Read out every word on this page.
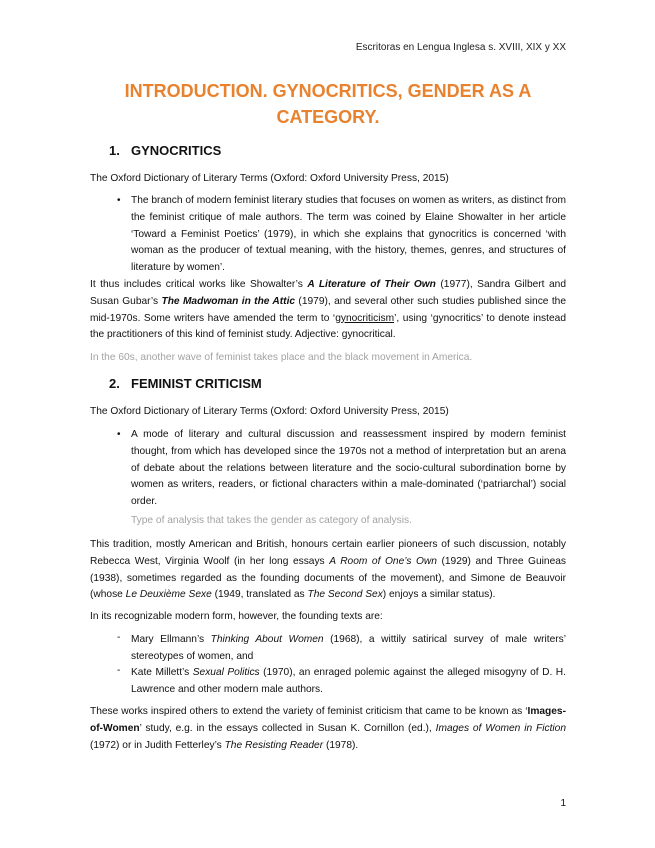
Escritoras en Lengua Inglesa s. XVIII, XIX y XX
INTRODUCTION. GYNOCRITICS, GENDER AS A CATEGORY.
1. GYNOCRITICS
The Oxford Dictionary of Literary Terms (Oxford: Oxford University Press, 2015)
• The branch of modern feminist literary studies that focuses on women as writers, as distinct from the feminist critique of male authors. The term was coined by Elaine Showalter in her article ‘Toward a Feminist Poetics’ (1979), in which she explains that gynocritics is concerned ‘with woman as the producer of textual meaning, with the history, themes, genres, and structures of literature by women’.
It thus includes critical works like Showalter’s A Literature of Their Own (1977), Sandra Gilbert and Susan Gubar’s The Madwoman in the Attic (1979), and several other such studies published since the mid-1970s. Some writers have amended the term to ‘gynocriticism’, using ‘gynocritics’ to denote instead the practitioners of this kind of feminist study. Adjective: gynocritical.
In the 60s, another wave of feminist takes place and the black movement in America.
2. FEMINIST CRITICISM
The Oxford Dictionary of Literary Terms (Oxford: Oxford University Press, 2015)
• A mode of literary and cultural discussion and reassessment inspired by modern feminist thought, from which has developed since the 1970s not a method of interpretation but an arena of debate about the relations between literature and the socio-cultural subordination borne by women as writers, readers, or fictional characters within a male-dominated (‘patriarchal’) social order.
Type of analysis that takes the gender as category of analysis.
This tradition, mostly American and British, honours certain earlier pioneers of such discussion, notably Rebecca West, Virginia Woolf (in her long essays A Room of One’s Own (1929) and Three Guineas (1938), sometimes regarded as the founding documents of the movement), and Simone de Beauvoir (whose Le Deuxième Sexe (1949, translated as The Second Sex) enjoys a similar status).
In its recognizable modern form, however, the founding texts are:
- Mary Ellmann’s Thinking About Women (1968), a wittily satirical survey of male writers’ stereotypes of women, and
- Kate Millett’s Sexual Politics (1970), an enraged polemic against the alleged misogyny of D. H. Lawrence and other modern male authors.
These works inspired others to extend the variety of feminist criticism that came to be known as ‘Images-of-Women’ study, e.g. in the essays collected in Susan K. Cornillon (ed.), Images of Women in Fiction (1972) or in Judith Fetterley’s The Resisting Reader (1978).
1
